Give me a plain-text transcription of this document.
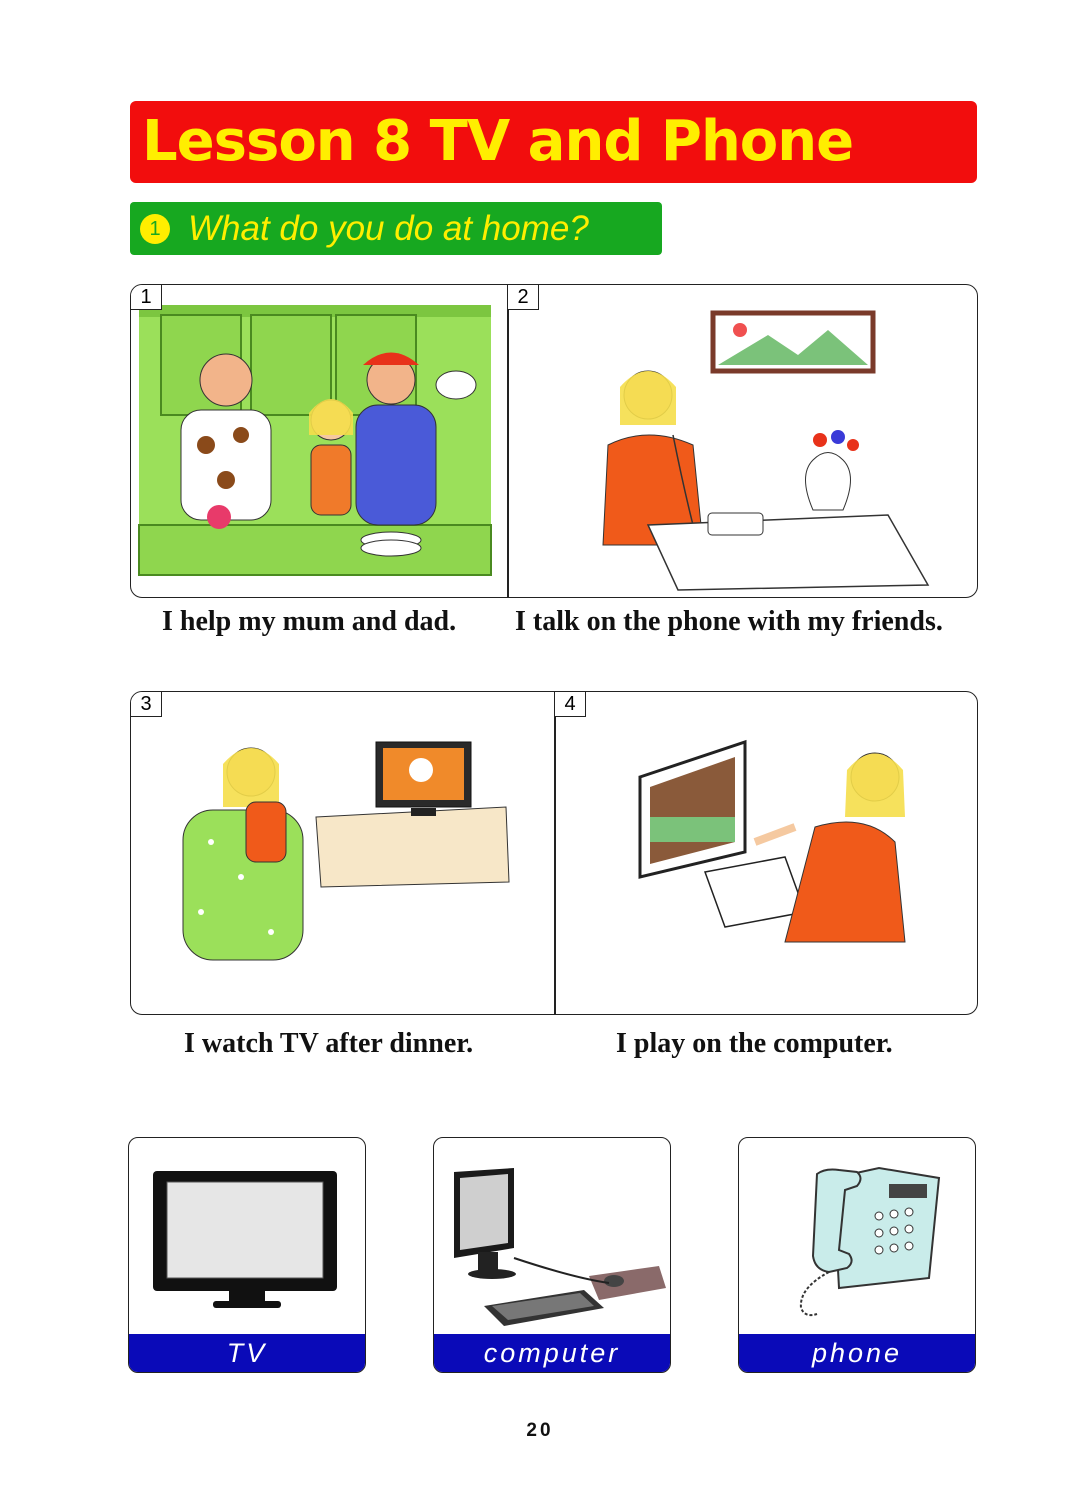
Lesson 8 TV and Phone
1 What do you do at home?
1	2
I help my mum and dad. I talk on the phone with my friends.
3	4
I watch TV after dinner.	I play on the computer.
TV	computer	phone
20
